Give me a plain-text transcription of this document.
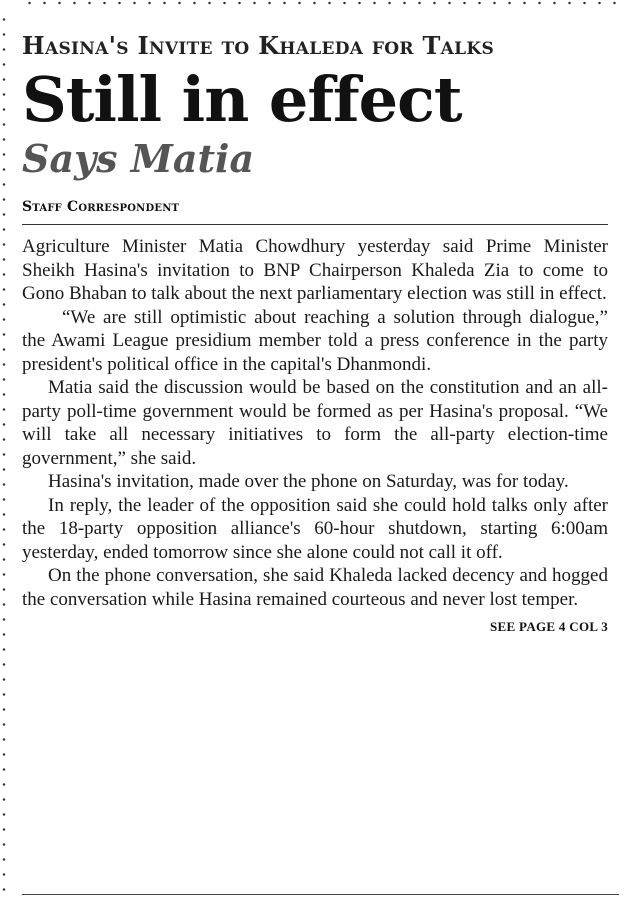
Hasina's Invite to Khaleda for Talks
Still in effect
Says Matia
Staff Correspondent

Agriculture Minister Matia Chowdhury yesterday said Prime Minister Sheikh Hasina's invitation to BNP Chairperson Khaleda Zia to come to Gono Bhaban to talk about the next parliamentary election was still in effect.

“We are still optimistic about reaching a solution through dialogue,” the Awami League presidium member told a press conference in the party president's political office in the capital's Dhanmondi.

Matia said the discussion would be based on the constitution and an all-party poll-time government would be formed as per Hasina's proposal. “We will take all necessary initiatives to form the all-party election-time government,” she said.

Hasina's invitation, made over the phone on Saturday, was for today.

In reply, the leader of the opposition said she could hold talks only after the 18-party opposition alliance's 60-hour shutdown, starting 6:00am yesterday, ended tomorrow since she alone could not call it off.

On the phone conversation, she said Khaleda lacked decency and hogged the conversation while Hasina remained courteous and never lost temper.

SEE PAGE 4 COL 3
